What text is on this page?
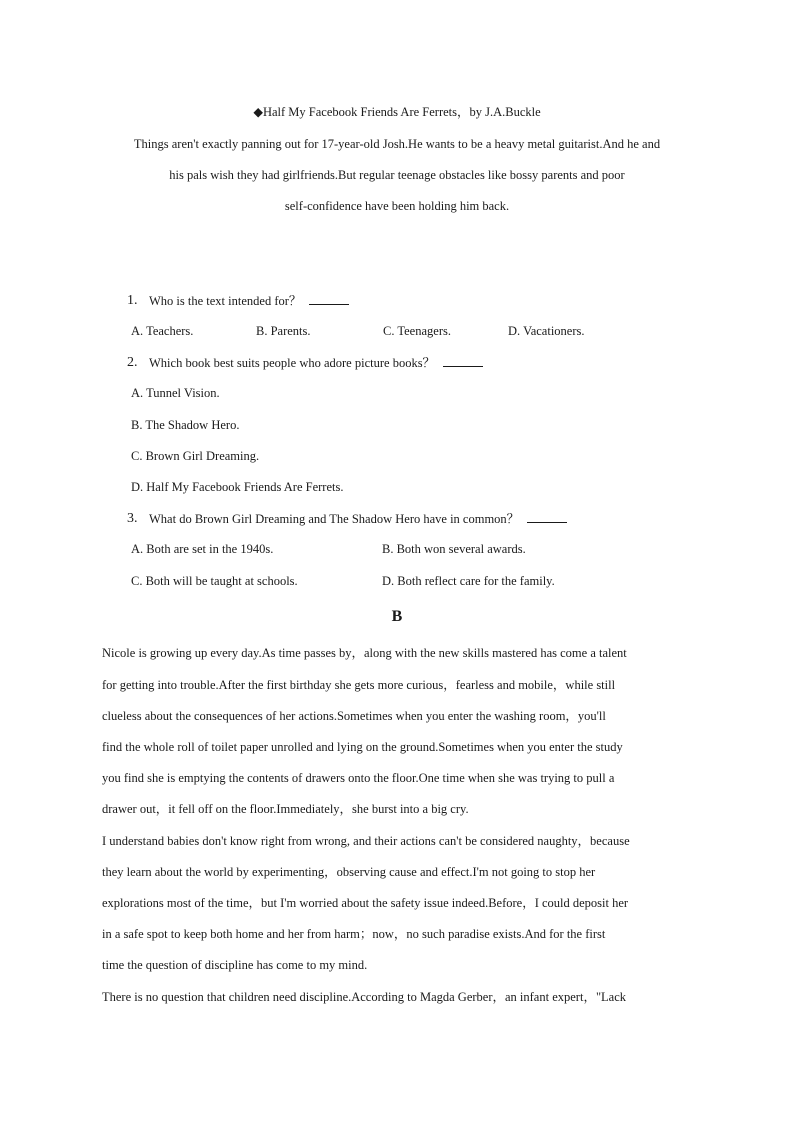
◆Half My Facebook Friends Are Ferrets，by J.A.Buckle
Things aren't exactly panning out for 17-year-old Josh.He wants to be a heavy metal guitarist.And he and
his pals wish they had girlfriends.But regular teenage obstacles like bossy parents and poor
self-confidence have been holding him back.
1. Who is the text intended for？
A. Teachers.	B. Parents.	C. Teenagers.	D. Vacationers.
2. Which book best suits people who adore picture books？
A. Tunnel Vision.
B. The Shadow Hero.
C. Brown Girl Dreaming.
D. Half My Facebook Friends Are Ferrets.
3. What do Brown Girl Dreaming and The Shadow Hero have in common？
A. Both are set in the 1940s.	B. Both won several awards.
C. Both will be taught at schools.	D. Both reflect care for the family.
B
Nicole is growing up every day.As time passes by，along with the new skills mastered has come a talent
for getting into trouble.After the first birthday she gets more curious，fearless and mobile，while still
clueless about the consequences of her actions.Sometimes when you enter the washing room，you'll
find the whole roll of toilet paper unrolled and lying on the ground.Sometimes when you enter the study
you find she is emptying the contents of drawers onto the floor.One time when she was trying to pull a
drawer out，it fell off on the floor.Immediately，she burst into a big cry.
I understand babies don't know right from wrong, and their actions can't be considered naughty，because
they learn about the world by experimenting，observing cause and effect.I'm not going to stop her
explorations most of the time，but I'm worried about the safety issue indeed.Before，I could deposit her
in a safe spot to keep both home and her from harm；now，no such paradise exists.And for the first
time the question of discipline has come to my mind.
There is no question that children need discipline.According to Magda Gerber，an infant expert，"Lack
